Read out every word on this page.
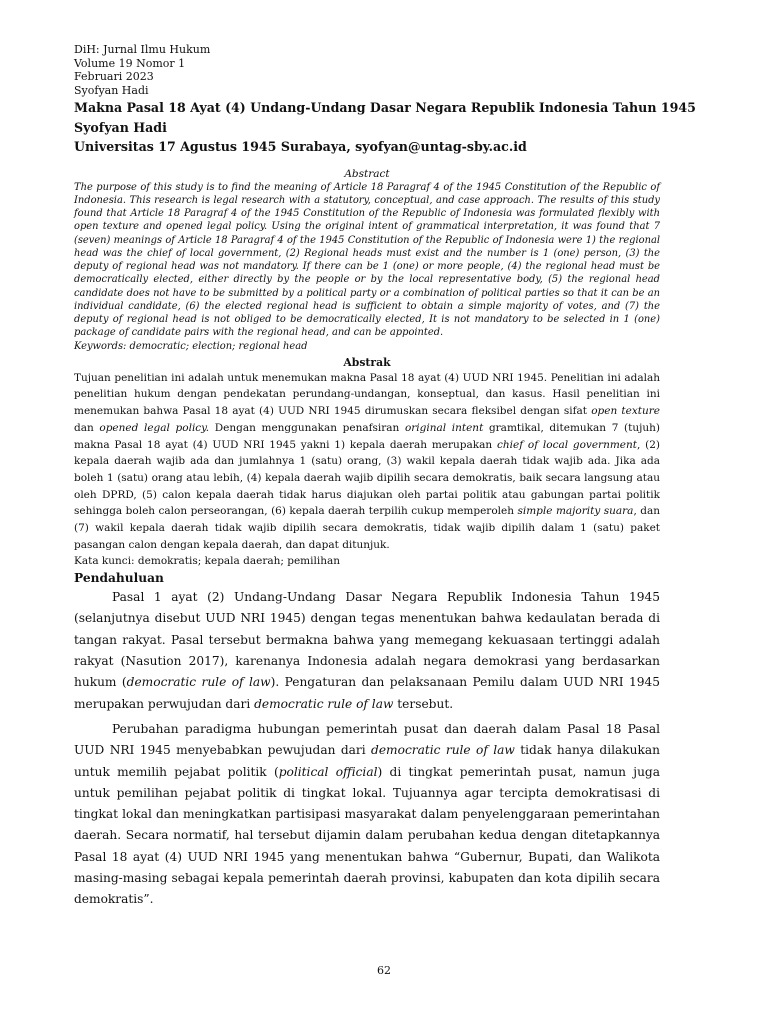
DiH: Jurnal Ilmu Hukum
Volume 19 Nomor 1
Februari 2023
Syofyan Hadi
Makna Pasal 18 Ayat (4) Undang-Undang Dasar Negara Republik Indonesia Tahun 1945
Syofyan Hadi
Universitas 17 Agustus 1945 Surabaya, syofyan@untag-sby.ac.id
Abstract
The purpose of this study is to find the meaning of Article 18 Paragraf 4 of the 1945 Constitution of the Republic of Indonesia. This research is legal research with a statutory, conceptual, and case approach. The results of this study found that Article 18 Paragraf 4 of the 1945 Constitution of the Republic of Indonesia was formulated flexibly with open texture and opened legal policy. Using the original intent of grammatical interpretation, it was found that 7 (seven) meanings of Article 18 Paragraf 4 of the 1945 Constitution of the Republic of Indonesia were 1) the regional head was the chief of local government, (2) Regional heads must exist and the number is 1 (one) person, (3) the deputy of regional head was not mandatory. If there can be 1 (one) or more people, (4) the regional head must be democratically elected, either directly by the people or by the local representative body, (5) the regional head candidate does not have to be submitted by a political party or a combination of political parties so that it can be an individual candidate, (6) the elected regional head is sufficient to obtain a simple majority of votes, and (7) the deputy of regional head is not obliged to be democratically elected, It is not mandatory to be selected in 1 (one) package of candidate pairs with the regional head, and can be appointed.
Keywords: democratic; election; regional head
Abstrak
Tujuan penelitian ini adalah untuk menemukan makna Pasal 18 ayat (4) UUD NRI 1945. Penelitian ini adalah penelitian hukum dengan pendekatan perundang-undangan, konseptual, dan kasus. Hasil penelitian ini menemukan bahwa Pasal 18 ayat (4) UUD NRI 1945 dirumuskan secara fleksibel dengan sifat open texture dan opened legal policy. Dengan menggunakan penafsiran original intent gramtikal, ditemukan 7 (tujuh) makna Pasal 18 ayat (4) UUD NRI 1945 yakni 1) kepala daerah merupakan chief of local government, (2) kepala daerah wajib ada dan jumlahnya 1 (satu) orang, (3) wakil kepala daerah tidak wajib ada. Jika ada boleh 1 (satu) orang atau lebih, (4) kepala daerah wajib dipilih secara demokratis, baik secara langsung atau oleh DPRD, (5) calon kepala daerah tidak harus diajukan oleh partai politik atau gabungan partai politik sehingga boleh calon perseorangan, (6) kepala daerah terpilih cukup memperoleh simple majority suara, dan (7) wakil kepala daerah tidak wajib dipilih secara demokratis, tidak wajib dipilih dalam 1 (satu) paket pasangan calon dengan kepala daerah, dan dapat ditunjuk.
Kata kunci: demokratis; kepala daerah; pemilihan
Pendahuluan

Pasal 1 ayat (2) Undang-Undang Dasar Negara Republik Indonesia Tahun 1945 (selanjutnya disebut UUD NRI 1945) dengan tegas menentukan bahwa kedaulatan berada di tangan rakyat. Pasal tersebut bermakna bahwa yang memegang kekuasaan tertinggi adalah rakyat (Nasution 2017), karenanya Indonesia adalah negara demokrasi yang berdasarkan hukum (democratic rule of law). Pengaturan dan pelaksanaan Pemilu dalam UUD NRI 1945 merupakan perwujudan dari democratic rule of law tersebut.

Perubahan paradigma hubungan pemerintah pusat dan daerah dalam Pasal 18 Pasal UUD NRI 1945 menyebabkan pewujudan dari democratic rule of law tidak hanya dilakukan untuk memilih pejabat politik (political official) di tingkat pemerintah pusat, namun juga untuk pemilihan pejabat politik di tingkat lokal. Tujuannya agar tercipta demokratisasi di tingkat lokal dan meningkatkan partisipasi masyarakat dalam penyelenggaraan pemerintahan daerah. Secara normatif, hal tersebut dijamin dalam perubahan kedua dengan ditetapkannya Pasal 18 ayat (4) UUD NRI 1945 yang menentukan bahwa “Gubernur, Bupati, dan Walikota masing-masing sebagai kepala pemerintah daerah provinsi, kabupaten dan kota dipilih secara demokratis”.

62
